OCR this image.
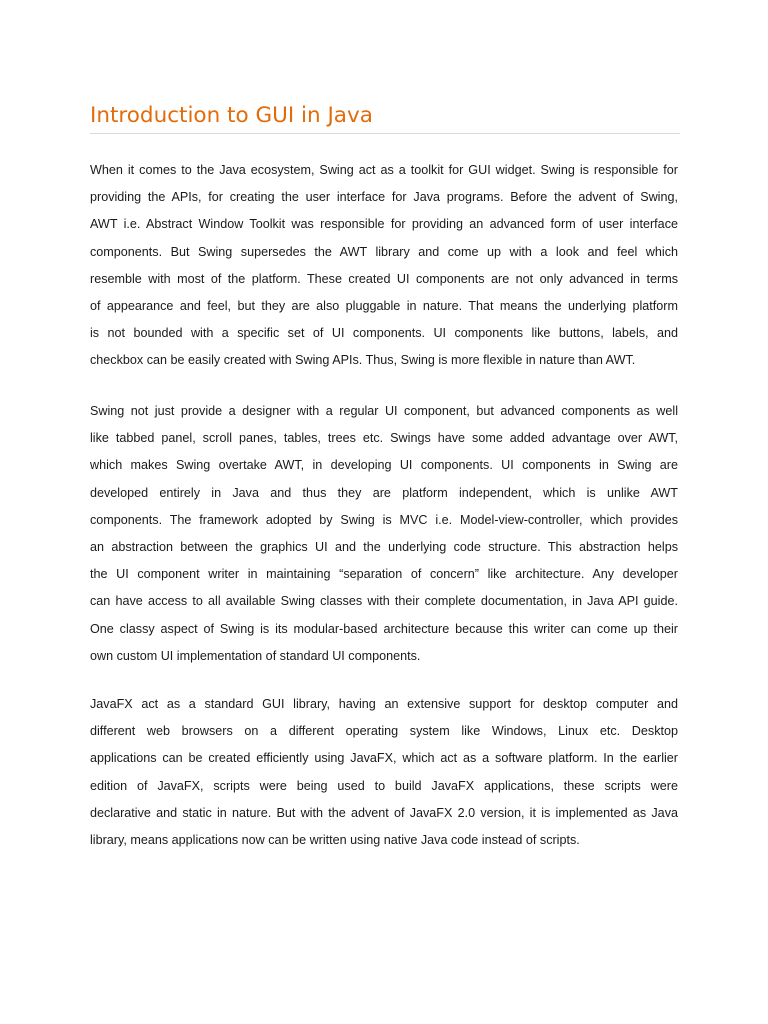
Introduction to GUI in Java

When it comes to the Java ecosystem, Swing act as a toolkit for GUI widget. Swing is responsible for
providing the APIs, for creating the user interface for Java programs. Before the advent of Swing,
AWT i.e. Abstract Window Toolkit was responsible for providing an advanced form of user interface
components. But Swing supersedes the AWT library and come up with a look and feel which
resemble with most of the platform. These created UI components are not only advanced in terms
of appearance and feel, but they are also pluggable in nature. That means the underlying platform
is not bounded with a specific set of UI components. UI components like buttons, labels, and
checkbox can be easily created with Swing APIs. Thus, Swing is more flexible in nature than AWT.

Swing not just provide a designer with a regular UI component, but advanced components as well
like tabbed panel, scroll panes, tables, trees etc. Swings have some added advantage over AWT,
which makes Swing overtake AWT, in developing UI components. UI components in Swing are
developed entirely in Java and thus they are platform independent, which is unlike AWT
components. The framework adopted by Swing is MVC i.e. Model-view-controller, which provides
an abstraction between the graphics UI and the underlying code structure. This abstraction helps
the UI component writer in maintaining “separation of concern” like architecture. Any developer
can have access to all available Swing classes with their complete documentation, in Java API guide.
One classy aspect of Swing is its modular-based architecture because this writer can come up their
own custom UI implementation of standard UI components.

JavaFX act as a standard GUI library, having an extensive support for desktop computer and
different web browsers on a different operating system like Windows, Linux etc. Desktop
applications can be created efficiently using JavaFX, which act as a software platform. In the earlier
edition of JavaFX, scripts were being used to build JavaFX applications, these scripts were
declarative and static in nature. But with the advent of JavaFX 2.0 version, it is implemented as Java
library, means applications now can be written using native Java code instead of scripts.
